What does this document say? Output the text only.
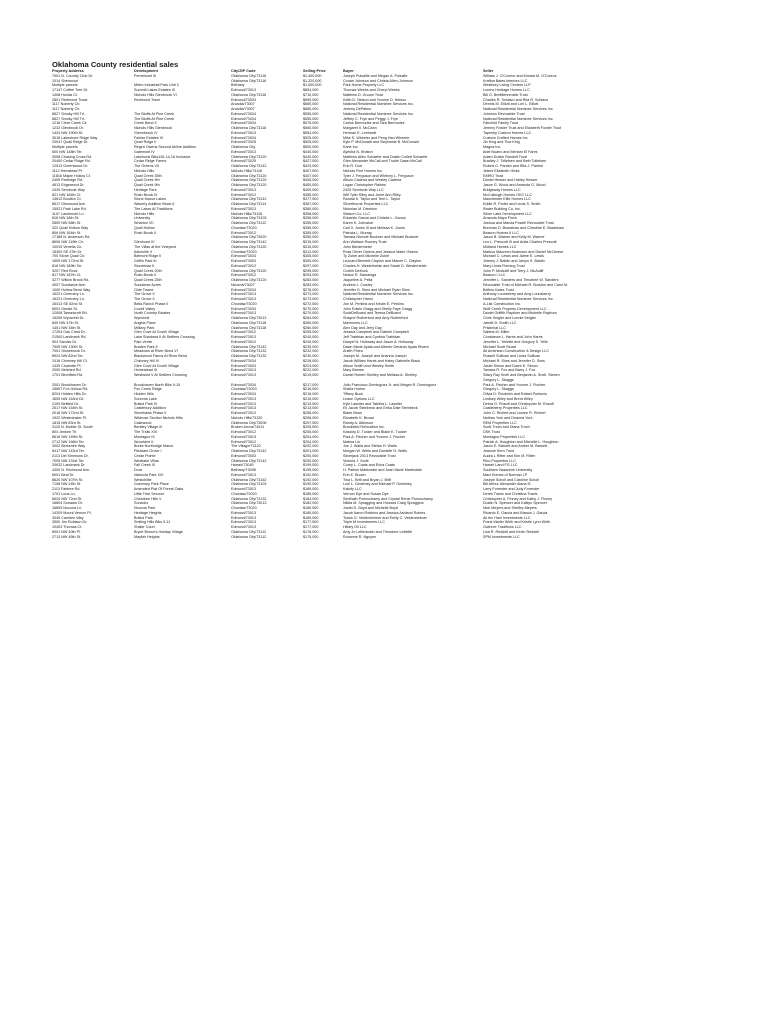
Oklahoma County residential sales
Property Address	Development	City/ZIP Code	Selling Price	Buyer	Seller
7001 N. Country Club Dr.	Pemehurst III	Oklahoma City/73116	$1,400,000	Joseph Pulsallie and Megan A. Pulsalle	William J. O'Connor and Kimala M. O'Connor
1014 Sherwood		Oklahoma City/73116	$1,320,000	Conan Johnson and Christa Allen-Johnson	Krafina Bates Interiors LLC
Multiple parcels	Metro Industrial Park Unit 3	Bethany	$1,000,000	Park Home Property LLC	Westbury Living Centers LLP
17147 Coffee Tree Dr.	Summit Lakes Estates III	Edmond/73013	$854,000	Thomas Weeks and Cheryl Weeks	Lorenz Heritage Homes LLC
1408 Honda Ct.	Nichols Hills Glenbrook VI	Oklahoma City/73116	$710,000	Matthew D. Groom Trust	Bill G. Breitfiehrenstie Trust
2801 Redmond Trace	Redmond Trace	Edmond/73034	$699,000	Keith D. Nelson and Yvonne D. Nelson	Charles R. Schiavo and Rita R. Schiavo
1117 Noberty Cir.		Arcadia/73007	$680,000	National Residential Nominee Services Inc.	Dennis M. Elliott and Lori L. Elliott
1117 Noberty Cir.		Arcadia/73007	$680,000	Jeremy DePalmo	National Residential Nominee Services Inc.
8827 Smoky Hill Trl.	The Bluffs At Pine Creek	Edmond/73034	$555,000	National Residential Nominee Services Inc.	Johnson Revocable Trust
8827 Smoky Hill Trl.	The Bluffs At Pine Creek	Edmond/73034	$555,000	Jeffrey C. Frye and Peggy J. Frye	National Residential Nominee Services Inc.
1216 Clear Creek Cir.	Creek Bend II	Edmond/73034	$575,000	Carlos Bermudez and Tara Bermudez	Fairchild Family Trust
1232 Glenbrook Dr.	Nichols Hills Glenbrook	Oklahoma City/73118	$560,000	Margaret V. McCann	Jeremy Fowler Trust and Elizabeth Fowler Trust
1424 NW 190th St.	Glennbrook IV	Edmond/73013	$554,000	Herman E. Lenhardt	Tapestry Custom Homes LLC
3016 Lakeshore Ridge Way	Fairfax Estates IX	Edmond/73034	$525,000	Mike S. Wheeler and Peng Han Wheeler	Custom Crafted Homes Inc.
20047 Quail Ridge Dr.	Quail Ridge II	Edmond/73025	$505,000	Kyle P. McDonald and Stephanie B. McDonald	Jin King and Tina King
Multiple parcels	Regen Owens Second Airline Addition	Oklahoma City	$500,000	Kane Inc.	Magna Inc.
600 NW 148th Ter.	Gatemont IV	Edmond/73013	$440,000	Ayesha N. Khaton	Abel Nuano and Meriam El Fares
3008 Chasing Cross Rd.	Lakehurst Blks126-14-16 Inclusive	Oklahoma City/73120	$440,000	Matthew Allen Schaefer and Dustin Collett Schaefer	Adam Dustin Randolf Trust
20400 Cedar Ridge Rd.	Cedar Ridge Farms	Edmond/73025	$427,000	Glen Alexander McCall and Trudie Dawn McCall	Bradley J. Tollefsen and Beth Tollefsen
12513 Greenwood Dr.	The Greens VII	Oklahoma City/73142	$423,000	Eric R. Durr	Robert O. Parrish and Rita J. Parrish
1112 Hemstead Pl.	Nichols Hills	Nichols Hills/73116	$407,500	Nichols Fine Homes Inc.	Jetere Elizabeth Hicks
11816 Maple Hollow Ct.	Quail Creek 35th	Oklahoma City/73120	$407,000	Tyler J. Ferguson and Whitney L. Ferguson	EMRO Trust
2405 Partridge Rd.	Quail Creek 9th	Oklahoma City/73120	$405,000	Alison Cadena and Wesley Cadena	Daniel Hesser and Halley Hesser
4613 Edgewood Dr.	Quail Creek 9th	Oklahoma City/73120	$400,000	Logan Christopher Raines	Jason G. Wood and Amanda G. Wood
2425 Seminole Way	Heritage Park	Edmond/73013	$400,000	2425 Seminole Way LLC	Bridgeway Homes LLC
821 NW 184th Ct.	Rush Brook III	Edmond/73012	$385,000	Will Tyler Riley and Julee Ann Riley	McCullough Homes OKC LLC
14612 Boulton Ct.	Stone Manor Lakes	Oklahoma City/73142	$377,500	Randal K. Taylor and Terri L. Taylor	Manchester Elite Homes LLC
8617 Glenwood Ave.	Waverly Addition Block 6	Oklahoma City/73114	$367,000	Silverthorne Properties LLC	Eddie R. Porter and Linda S. Smith
15521 Park Lake Rd.	The Lakes At Traditions	Edmond/73013	$360,000	Nickolas M. Drewton	Rader Building Co. Inc.
1107 Larchmont Ln.	Nichols Hills	Nichols Hills/73116	$358,000	Stetson Co. LLC	Silver Lake Development LLC
816 NW 18th St.	University	Oklahoma City/73103	$356,000	Eduardo Garcia and Christie L. Garcia	Amanda Mayo Finch
2809 NW 58th St.	Wharton VII	Oklahoma City/73112	$355,000	Karen K. Johnston	Joshua and Marcia Powell Revocable Trust
322 Quail Hollow Way	Quail Hollow	Choctaw/73020	$355,000	Carl V. Jones III and Melissa K. Jones	Brennan D. Bradshaw and Christine E. Bradshaw
806 NW 164th St.	Rush Brook II	Edmond/73012	$355,000	Patricia L. Murray	Beacon Homes II LLC
17188 N. Anderson Rd.		Oklahoma City/73020	$350,000	Tamara Nichole Buckner and Michael Buckner	Jason B. Warner and Kelly M. Warner
8606 NW 119th Cir.	Glenhurst IV	Oklahoma City/73142	$315,000	Ann Wallace Rooney Trust	Leo L. Prescott III and Anita Charles Prescott
10015 Venetia Cir.	The Villas at the Vineyard	Oklahoma City/73120	$315,000	John Biedermeier	Midland Homes LLC
15300 SE 37th St.	Asheville II	Choctaw/73020	$312,000	Ross Oliver Owens and Jessica Marie Owens	Markus Maureen Anderson and Daniel McCleave
700 Stone Quail Cir.	Belmont Ridge II	Edmond/73034	$305,000	Ty Zubel and Michelle Zubel	Michael C. Lewis and Jaime E. Lewis
1505 NW 172nd St.	Griffin Park III	Edmond/73003	$300,000	Leonard Bennett Clayton and Marcie C. Clayton	Jeremy J. Baldin and Jaclyn S. Baldin
816 NW 189th Ter.	Stonebriar II	Edmond/73012	$297,000	Charles H. Westerheide and Sarah D. Westerheide	Mary Linda Fleming Trust
3207 Red Rock	Quail Creek 20th	Oklahoma City/73120	$295,000	Corbin DeKock	John P. McAuliff and Terry J. McAuliff
817 NW 187th Ct.	Rush Brook II	Edmond/73012	$293,000	Nestor R. Samaniga	Beacon I LLC
3277 Willow Brook Rd.	Quail Creek 25th	Oklahoma City/73120	$283,000	Jaqueline A. Pella	Jennifer L. Sanders and Timothee W. Sanders
4007 Sundance Ave.	Sundance Acres	Nicoma/73027	$283,000	Andrew J. Cowley	Revocable Trust of Michael R. Burston and Carol M.
1000 Hollow Bend Way	Olde Towne	Edmond/73034	$276,000	Jennifer D. Sims and Michael Ryan Sims	Bellino Kates Trust
16221 Greenery Ln.	The Grove II	Edmond/73013	$273,000	National Residential Nominee Services Inc.	Anthony Lounsberry and Amy Lounsberry
16221 Greenery Ln.	The Grove II	Edmond/73013	$273,000	Christopher Hanol	National Residential Nominee Services Inc.
16413 SE 82nd St.	Bella Ranch Phase II	Choctaw/73020	$272,500	Jon M. Perkins and Kristin E. Perkins	A-List Construction Inc.
6001 Gerald St.	Covell Valley	Edmond/73034	$270,000	John Edwin Gragg and Shelly Faye Gragg	Wolf Creek Property Development LLC
12008 Tasselcroft Rd.	North Country Estates	Edmond/73013	$270,000	ScottDeBoard and Teresa DeBoard	Daniel Griffith Rayburn and Michelle Rayburn
15208 Wyncrest Dr.	Wyncrest	Oklahoma City/73013	$264,000	Shayne Rutherford and Amy Rutherford	Chris Seigler and Lonnie Seigler
845 NW 47th St.	Angela Place	Oklahoma City/73118	$260,000	Mavennes LLC	Jarrett D. Smith LLC
1401 NW 34th St.	Military Park	Oklahoma City/73118	$260,000	Alex Day and Jerry Day	Pristinhal LLC
17204 Oak Crest Dr.	Glen Cove At Covell Village	Edmond/73012	$255,000	Jessica Campbell and Gabriel Campbell	Sabina M. Miller
21500 Landmark Rd.	Lake Shadows II At Settlers Crossing	Edmond/73013	$245,000	Jeff Trabbian and Cynthia Trabbian	Constance L. Harris and John Harris
904 Sandia Cir.	Palo Verde	Edmond/73012	$240,000	Danyel N. Holloway and Jason A. Holloway	Jennifer L. Yellette and Gregory S. Yelle
7505 NW 130th St.	Braden Park II	Oklahoma City/73142	$235,000	Dawn Marie Ayala and Alberto Gerardo Ayala Rivera	Michael Scott Stuart
7001 Stonebrook Dr.	Meadows at River Bend VI	Oklahoma City/73132	$232,000	Arielh Pineo	All American Construction & Design LLC
8924 NW 82nd Ter.	Blackwood Farms At River Bend	Oklahoma City/73132	$230,000	Joseph M. Joseph and Arianna Joseph	Russell Sullivan and Linda Sullivan
2416 Chimney Hill Ct.	Chimney Hill IV	Edmond/73034	$226,000	Jacob William Harris and Haley Gabrielle Black	Michael R. Sims and Jennifer D. Sims
1425 Charlotte Pl.	Glen Cove At Covell Village	Edmond/73003	$224,000	Alison Smith and Wesley Smith	Justin Simon and Dawn E. Simon
2000 Nelshed Rd.	Homestead III	Edmond/73013	$222,000	Mary Barnes	Tamara R. Fox and Barry J. Fox
1701 Birchfield Rd.	Westwind V At Settlers Crossing	Edmond/73013	$219,000	Daniel Robert Shelley and Melissa A. Shelley	Stacy Ray Snell and Benjamin A. Snell, Steven
					Gregory L. Skaggs
2001 Brookhaven Dr.	Brookhaven North Blks 9-15	Edmond/73034	$217,000	Julio Francisco Dominguez Jr. and Megan R. Dominguez	Paul A. Fischer and Yvonne J. Fischer
15657 Fox Hollow Rd.	Fox Creek Ridge	Choctaw/73020	$216,500	Sheila Horton	Gregory L. Skaggs
8204 Hidden Hills Dr.	Hidden Hills	Edmond/73034	$216,000	Tiffany Buck	Olivia D. Roubrich and Rafael Pontonio
1605 NW 163rd Cir.	Sonoma Lake	Edmond/73013	$215,000	Lease Options LLC	Lindsey Wiley and Brent Wiley
2109 Belfield Dr.	Bristol Park III	Edmond/73013	$213,500	Kyle Lassiter and Tabitha L. Lassiter	Debra G. Rosoft and Christopher M. Rosoft
2517 NW 154th St.	Castlebury Addition	Edmond/73013	$213,000	Eli Jacob Steinbeck and Erika Dale Steinbeck	Castleberry Properties LLC
2016 NW 172nd St.	Silverhawk Phase II	Edmond/73012	$206,000	Blake Bean	John C. Richert and Lauren R. Richert
1922 Westminster Pl.	Wildrose Section Nichols Hills	Nichols Hills/73120	$206,000	Elizabeth K. Brown	Nathan York and Deanna York
1815 NW 83rd St.	Cakewood	Oklahoma City/73006	$207,500	Randy A. Atkinson	REM Properties LLC
3115 N. Mobile St. South	Bentley Village III	Broken Arrow/74011	$205,500	Brookfield Relocation Inc.	Scott Troch and Diana Troch
804 Jenkee Trl.	The Trails XIII	Edmond/73012	$205,000	Kassidy D. Tucker and Blake E. Tucker	DSK Trust
8616 NW 159th St.	Montague III	Edmond/73013	$204,000	Paul A. Fischer and Yvonne J. Fischer	Montague Properties LLC
2712 NW 166th Ter.	Woodvine II	Edmond/73012	$204,000	Matina Lin	Patrick A. Houghton and Michelle L. Houghton
3002 Berkshire Way	Burke Northridge Manor	The Village/73120	$202,000	Joe J. Walla and Stefan H. Walla	Jason E. Barnett and Amber M. Barnett
8417 NW 143rd Ter.	Pleasant Grove I	Oklahoma City/73142	$201,000	Morgan W. Wells and Danielle N. Wells	Jeannie Kern Trust
2113 Del Simmons Dr.	Cedar Pointe	Edmond/73003	$200,000	Silverjack 2013 Revocable Trust	Audra L Ritter and Kim M. Ritter
7005 NW 131st Ter.	Westlake Villas	Oklahoma City/73142	$200,000	Victoria J. Scott	Rico Properties LLC
20632 Landmark Dr.	Fall Creek III	Harrah/73045	$199,000	Corey L. Coats and Erica Coats	Harrah Land FG LLC
4300 N. Redmond Ave.	Dora	Bethany/73008	$195,000	H. Patrick Martindale and Jean Marie Martindale	Southern Nazarene University
6001 Beal Dr.	Valencia Park XIX	Edmond/73013	$192,500	Erin E. Brown	Mavi Homes of Norman LP
8620 NW 107th St.	Westchillie	Oklahoma City/73162	$192,000	Tina L. Britt and Bryan J. Britt	Joseph Scholl and Caroline Scholl
7108 NW 24th St.	Guernsey Park Place	Oklahoma City/73103	$190,000	Loni L. Gewimey and Michael P. Gewimey	Bill Arthur Alexander Alana III
2113 Fairtree Rd.	Amended Plat Of Forest Oaks	Edmond/73013	$189,000	Kalcity LLC	Larry Forrester and Judy Forrester
1701 Luna Ln.	Little Tree Second	Choctaw/73020	$185,000	Vernon Dye and Susan Dye	Derek Travis and Christina Travis
6620 NW 72nd St.	Cherokee Hills V	Oklahoma City/73132	$184,000	Senthaih Ponnuchamy and Crystal Renie Ponnuchamy	Christopher A. Finney and Kathy J. Finney
16604 Sonador Dr.	Sonador	Oklahoma City/73013	$182,000	Nikita M. Spragging and Howard Craig Spraggins	Dustin N. Spencer and Kaitlyn Spencer
16605 Nocona Ln.	Nocona Park	Choctaw/73020	$180,500	Justin D. Boyd and Michelle Boyd	Nick Meyers and Shelley Meyers
14209 Mount Vernon Pl.	Heritage Heights	Edmond/73013	$180,000	Jacob Aaron Robbins and Jessica Ashland Robins	Ricardo E. Garcia and Blanca J. Garcia
3040 Camden Way	Bristol Park	Edmond/73013	$180,000	Travis G. Veldenheimer and Emily C. Veldenheimer	Ali Ibn Hani Investments LLC
3500 Jim Robison Dr.	Smiling Hills Blks 9-11	Edmond/73013	$177,500	Triple M Investments LLC	Frank Martin Wirth and Kristie Lynn Wirth
10403 Thomas Ct.	Shaler Court	Edmond/73013	$177,000	Hillary Oil LLC	Gwinner Traditions LLC
6901 NW 40th Pl.	Bryce Brown's Holiday Village	Oklahoma City/73112	$176,000	Amy Jo Leflenkrath and Theodore Lefleilth	Lisa R. Reddell and Kevin Reddell
2713 NW 46th St.	Mayfair Heights	Oklahoma City/73112	$175,000	Roxanne R. Nguyen	SPM Investments LLC
